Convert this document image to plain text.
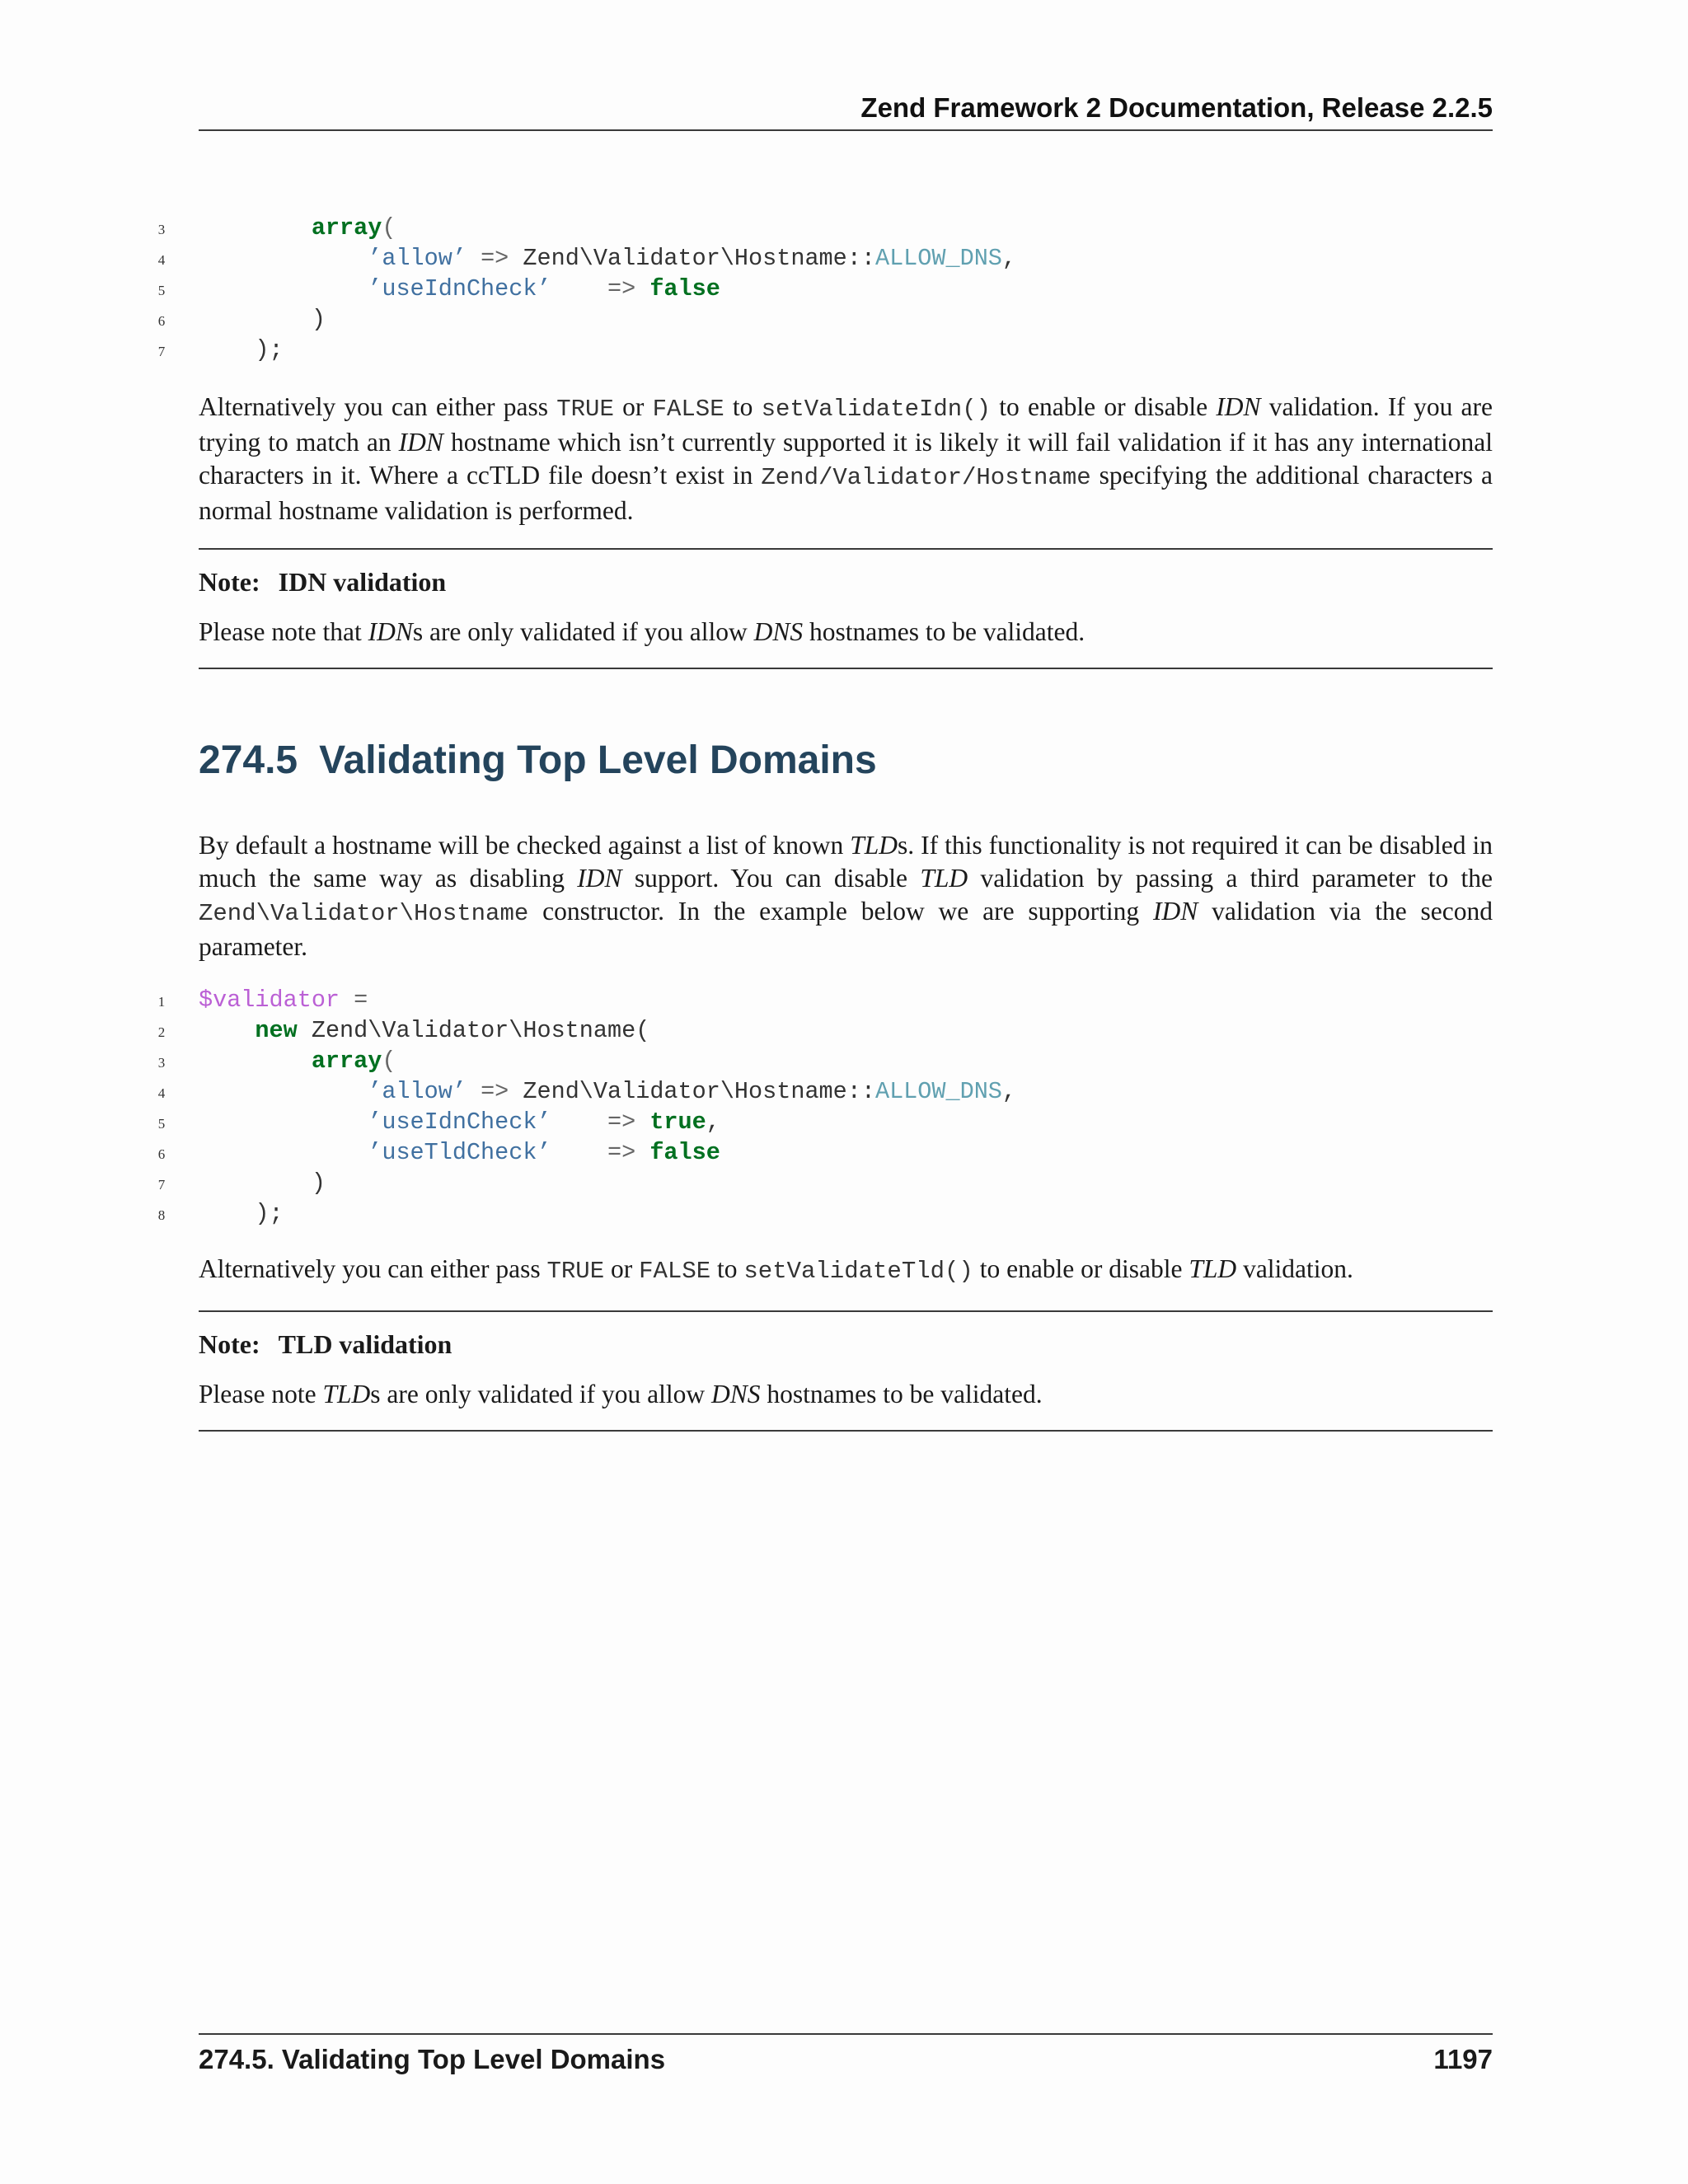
Zend Framework 2 Documentation, Release 2.2.5
3	array(
4	’allow’ => Zend\Validator\Hostname::ALLOW_DNS,
5	’useIdnCheck’    => false
6	)
7	);
Alternatively you can either pass TRUE or FALSE to setValidateIdn() to enable or disable IDN validation. If you are trying to match an IDN hostname which isn’t currently supported it is likely it will fail validation if it has any international characters in it. Where a ccTLD file doesn’t exist in Zend/Validator/Hostname specifying the additional characters a normal hostname validation is performed.
Note: IDN validation
Please note that IDNs are only validated if you allow DNS hostnames to be validated.
274.5 Validating Top Level Domains
By default a hostname will be checked against a list of known TLDs. If this functionality is not required it can be disabled in much the same way as disabling IDN support. You can disable TLD validation by passing a third parameter to the Zend\Validator\Hostname constructor. In the example below we are supporting IDN validation via the second parameter.
1 $validator =
2	new Zend\Validator\Hostname(
3	array(
4	’allow’ => Zend\Validator\Hostname::ALLOW_DNS,
5	’useIdnCheck’    => true,
6	’useTldCheck’    => false
7	)
8	);
Alternatively you can either pass TRUE or FALSE to setValidateTld() to enable or disable TLD validation.
Note: TLD validation
Please note TLDs are only validated if you allow DNS hostnames to be validated.
274.5. Validating Top Level Domains	1197
